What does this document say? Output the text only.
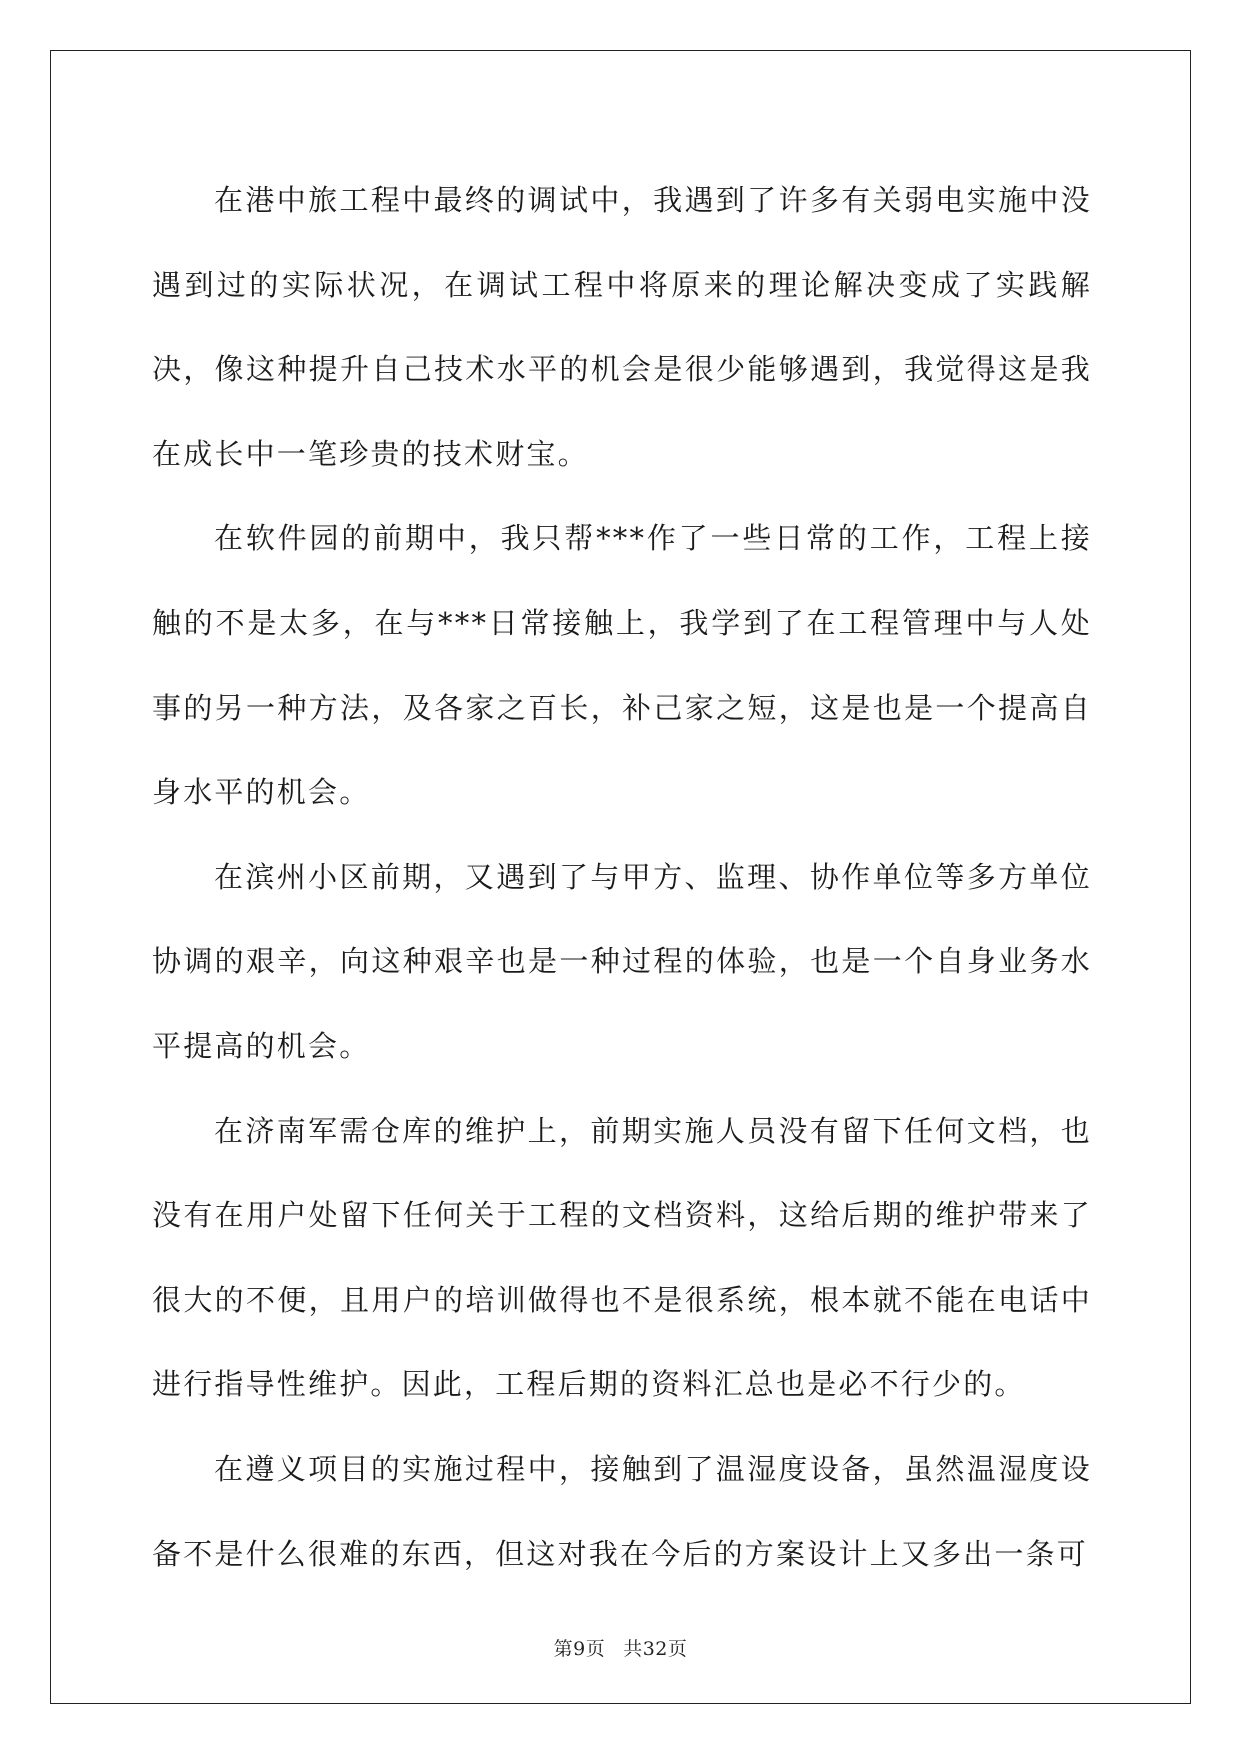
在港中旅工程中最终的调试中，我遇到了许多有关弱电实施中没遇到过的实际状况，在调试工程中将原来的理论解决变成了实践解决，像这种提升自己技术水平的机会是很少能够遇到，我觉得这是我在成长中一笔珍贵的技术财宝。

在软件园的前期中，我只帮***作了一些日常的工作，工程上接触的不是太多，在与***日常接触上，我学到了在工程管理中与人处事的另一种方法，及各家之百长，补己家之短，这是也是一个提高自身水平的机会。

在滨州小区前期，又遇到了与甲方、监理、协作单位等多方单位协调的艰辛，向这种艰辛也是一种过程的体验，也是一个自身业务水平提高的机会。

在济南军需仓库的维护上，前期实施人员没有留下任何文档，也没有在用户处留下任何关于工程的文档资料，这给后期的维护带来了很大的不便，且用户的培训做得也不是很系统，根本就不能在电话中进行指导性维护。因此，工程后期的资料汇总也是必不行少的。

在遵义项目的实施过程中，接触到了温湿度设备，虽然温湿度设备不是什么很难的东西，但这对我在今后的方案设计上又多出一条可

第9页 共32页
